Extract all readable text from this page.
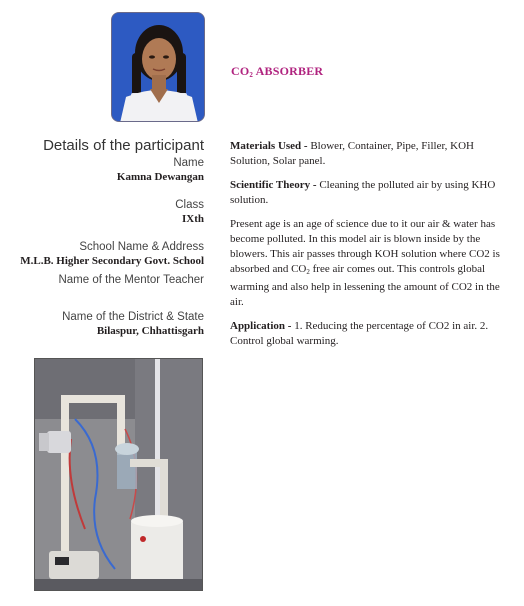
$CO_2$ ABSORBER
Details of the participant
Name
Kamna Dewangan
Class
IXth
School Name & Address
M.L.B. Higher Secondary Govt. School
Name of the Mentor Teacher
Name of the District & State
Bilaspur, Chhattisgarh

Materials Used - Blower, Container, Pipe, Filler, KOH Solution, Solar panel.

Scientific Theory - Cleaning the polluted air by using KHO solution.

Present age is an age of science due to it our air & water has become polluted. In this model air is blown inside by the blowers. This air passes through KOH solution where CO2 is absorbed and $CO_2$ free air comes out. This controls global warming and also help in lessening the amount of CO2 in the air.

Application - 1. Reducing the percentage of CO2 in air. 2. Control global warming.
